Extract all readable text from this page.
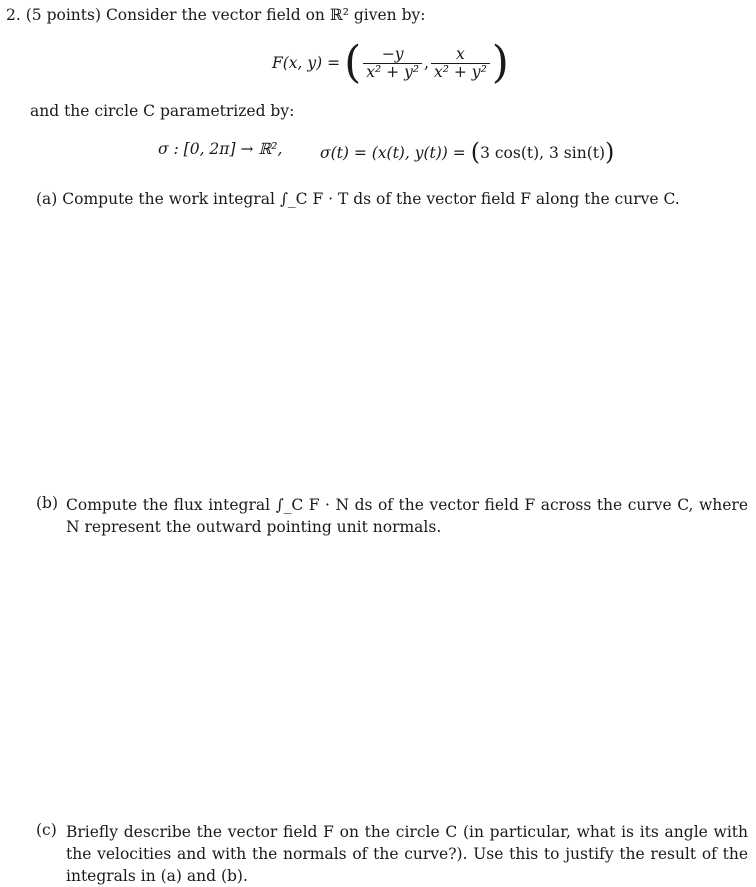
2. (5 points) Consider the vector field on ℝ² given by:
F(x, y) = ( $\frac{-y}{\text{x² + y²}}$ , $\frac{x}{\text{x² + y²}}$ )
and the circle C parametrized by:
σ : [0, 2π] → ℝ², σ(t) = (x(t), y(t)) = (3 cos(t), 3 sin(t))
(a) Compute the work integral ∫_C F · T ds of the vector field F along the curve C.
(b) Compute the flux integral ∫_C F · N ds of the vector field F across the curve C, where N represent the outward pointing unit normals.
(c) Briefly describe the vector field F on the circle C (in particular, what is its angle with the velocities and with the normals of the curve?). Use this to justify the result of the integrals in (a) and (b).
